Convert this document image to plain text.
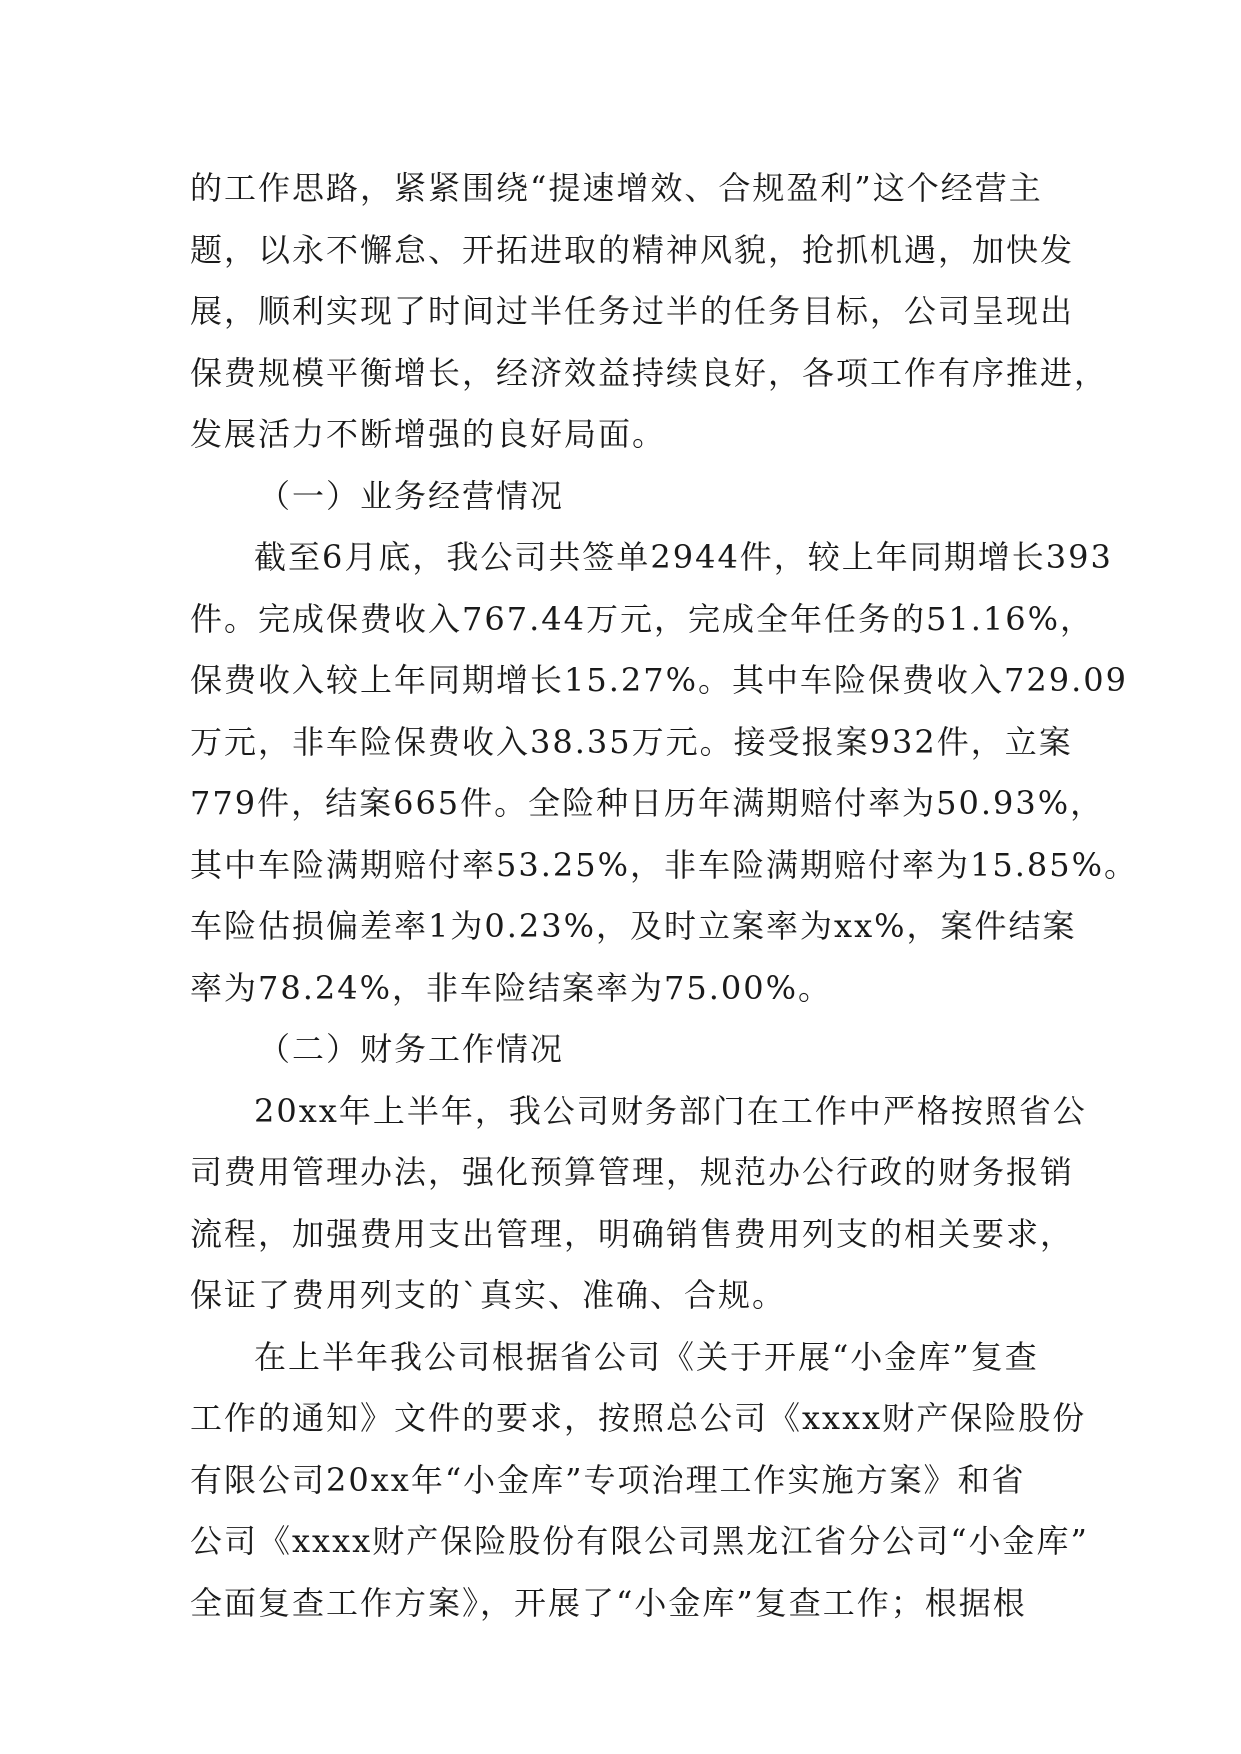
的工作思路，紧紧围绕“提速增效、合规盈利”这个经营主
题，以永不懈怠、开拓进取的精神风貌，抢抓机遇，加快发
展，顺利实现了时间过半任务过半的任务目标，公司呈现出
保费规模平衡增长，经济效益持续良好，各项工作有序推进，
发展活力不断增强的良好局面。
（一）业务经营情况
截至6月底，我公司共签单2944件，较上年同期增长393
件。完成保费收入767.44万元，完成全年任务的51.16%，
保费收入较上年同期增长15.27%。其中车险保费收入729.09
万元，非车险保费收入38.35万元。接受报案932件，立案
779件，结案665件。全险种日历年满期赔付率为50.93%，
其中车险满期赔付率53.25%，非车险满期赔付率为15.85%。
车险估损偏差率1为0.23%，及时立案率为xx%，案件结案
率为78.24%，非车险结案率为75.00%。
（二）财务工作情况
20xx年上半年，我公司财务部门在工作中严格按照省公
司费用管理办法，强化预算管理，规范办公行政的财务报销
流程，加强费用支出管理，明确销售费用列支的相关要求，
保证了费用列支的`真实、准确、合规。
在上半年我公司根据省公司《关于开展“小金库”复查
工作的通知》文件的要求，按照总公司《xxxx财产保险股份
有限公司20xx年“小金库”专项治理工作实施方案》和省
公司《xxxx财产保险股份有限公司黑龙江省分公司“小金库”
全面复查工作方案》，开展了“小金库”复查工作；根据根
